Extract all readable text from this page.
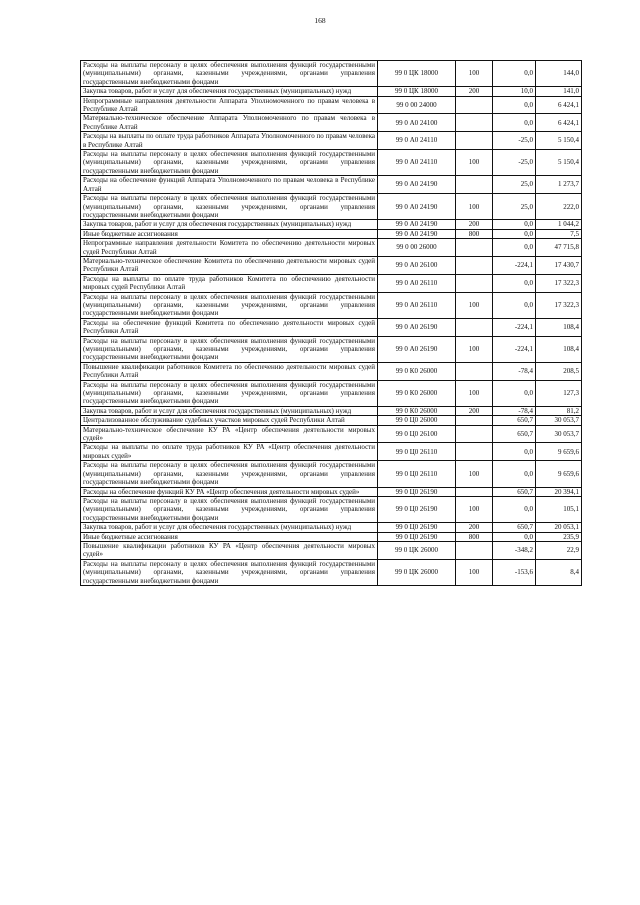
168
Расходы на выплаты персоналу в целях обеспечения выполнения функций государственными (муниципальными) органами, казенными учреждениями, органами управления государственными внебюджетными фондами	99 0 ЦК 18000	100	0,0	144,0
Закупка товаров, работ и услуг для обеспечения государственных (муниципальных) нужд	99 0 ЦК 18000	200	10,0	141,0
Непрограммные направления деятельности Аппарата Уполномоченного по правам человека в Республике Алтай	99 0 00 24000		0,0	6 424,1
Материально-техническое обеспечение Аппарата Уполномоченного по правам человека в Республике Алтай	99 0 А0 24100		0,0	6 424,1
Расходы на выплаты по оплате труда работников Аппарата Уполномоченного по правам человека в Республике Алтай	99 0 А0 24110		-25,0	5 150,4
Расходы на выплаты персоналу в целях обеспечения выполнения функций государственными (муниципальными) органами, казенными учреждениями, органами управления государственными внебюджетными фондами	99 0 А0 24110	100	-25,0	5 150,4
Расходы на обеспечение функций Аппарата Уполномоченного по правам человека в Республике Алтай	99 0 А0 24190		25,0	1 273,7
Расходы на выплаты персоналу в целях обеспечения выполнения функций государственными (муниципальными) органами, казенными учреждениями, органами управления государственными внебюджетными фондами	99 0 А0 24190	100	25,0	222,0
Закупка товаров, работ и услуг для обеспечения государственных (муниципальных) нужд	99 0 А0 24190	200	0,0	1 044,2
Иные бюджетные ассигнования	99 0 А0 24190	800	0,0	7,5
Непрограммные направления деятельности Комитета по обеспечению деятельности мировых судей Республики Алтай	99 0 00 26000		0,0	47 715,8
Материально-техническое обеспечение Комитета по обеспечению деятельности мировых судей Республики Алтай	99 0 А0 26100		-224,1	17 430,7
Расходы на выплаты по оплате труда работников Комитета по обеспечению деятельности мировых судей Республики Алтай	99 0 А0 26110		0,0	17 322,3
Расходы на выплаты персоналу в целях обеспечения выполнения функций государственными (муниципальными) органами, казенными учреждениями, органами управления государственными внебюджетными фондами	99 0 А0 26110	100	0,0	17 322,3
Расходы на обеспечение функций Комитета по обеспечению деятельности мировых судей Республики Алтай	99 0 А0 26190		-224,1	108,4
Расходы на выплаты персоналу в целях обеспечения выполнения функций государственными (муниципальными) органами, казенными учреждениями, органами управления государственными внебюджетными фондами	99 0 А0 26190	100	-224,1	108,4
Повышение квалификации работников Комитета по обеспечению деятельности мировых судей Республики Алтай	99 0 К0 26000		-78,4	208,5
Расходы на выплаты персоналу в целях обеспечения выполнения функций государственными (муниципальными) органами, казенными учреждениями, органами управления государственными внебюджетными фондами	99 0 К0 26000	100	0,0	127,3
Закупка товаров, работ и услуг для обеспечения государственных (муниципальных) нужд	99 0 К0 26000	200	-78,4	81,2
Централизованное обслуживание судебных участков мировых судей Республики Алтай	99 0 Ц0 26000		650,7	30 053,7
Материально-техническое обеспечение КУ РА «Центр обеспечения деятельности мировых судей»	99 0 Ц0 26100		650,7	30 053,7
Расходы на выплаты по оплате труда работников КУ РА «Центр обеспечения деятельности мировых судей»	99 0 Ц0 26110		0,0	9 659,6
Расходы на выплаты персоналу в целях обеспечения выполнения функций государственными (муниципальными) органами, казенными учреждениями, органами управления государственными внебюджетными фондами	99 0 Ц0 26110	100	0,0	9 659,6
Расходы на обеспечение функций КУ РА «Центр обеспечения деятельности мировых судей»	99 0 Ц0 26190		650,7	20 394,1
Расходы на выплаты персоналу в целях обеспечения выполнения функций государственными (муниципальными) органами, казенными учреждениями, органами управления государственными внебюджетными фондами	99 0 Ц0 26190	100	0,0	105,1
Закупка товаров, работ и услуг для обеспечения государственных (муниципальных) нужд	99 0 Ц0 26190	200	650,7	20 053,1
Иные бюджетные ассигнования	99 0 Ц0 26190	800	0,0	235,9
Повышение квалификации работников КУ РА «Центр обеспечения деятельности мировых судей»	99 0 ЦК 26000		-348,2	22,9
Расходы на выплаты персоналу в целях обеспечения выполнения функций государственными (муниципальными) органами, казенными учреждениями, органами управления государственными внебюджетными фондами	99 0 ЦК 26000	100	-153,6	8,4
